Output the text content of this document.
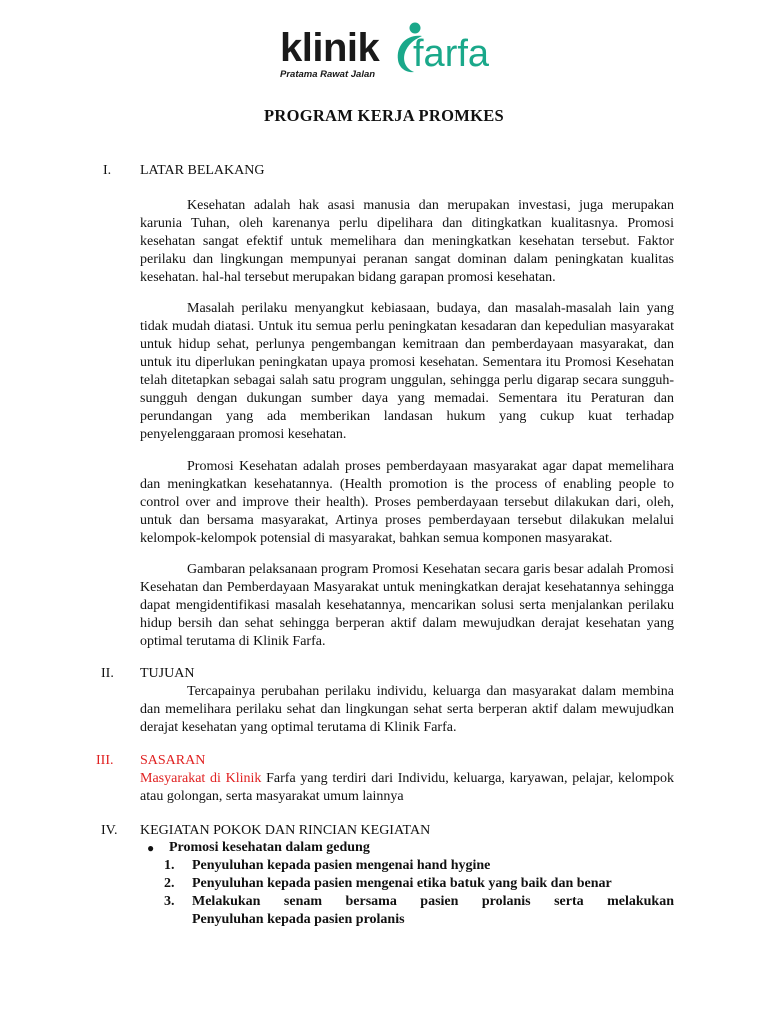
klinik farfa
Pratama Rawat Jalan
PROGRAM KERJA PROMKES
I.	LATAR BELAKANG

Kesehatan adalah hak asasi manusia dan merupakan investasi, juga merupakan karunia Tuhan, oleh karenanya perlu dipelihara dan ditingkatkan kualitasnya. Promosi kesehatan sangat efektif untuk memelihara dan meningkatkan kesehatan tersebut. Faktor perilaku dan lingkungan mempunyai peranan sangat dominan dalam peningkatan kualitas kesehatan. hal-hal tersebut merupakan bidang garapan promosi kesehatan.

Masalah perilaku menyangkut kebiasaan, budaya, dan masalah-masalah lain yang tidak mudah diatasi. Untuk itu semua perlu peningkatan kesadaran dan kepedulian masyarakat untuk hidup sehat, perlunya pengembangan kemitraan dan pemberdayaan masyarakat, dan untuk itu diperlukan peningkatan upaya promosi kesehatan. Sementara itu Promosi Kesehatan telah ditetapkan sebagai salah satu program unggulan, sehingga perlu digarap secara sungguh-sungguh dengan dukungan sumber daya yang memadai. Sementara itu Peraturan dan perundangan yang ada memberikan landasan hukum yang cukup kuat terhadap penyelenggaraan promosi kesehatan.

Promosi Kesehatan adalah proses pemberdayaan masyarakat agar dapat memelihara dan meningkatkan kesehatannya. (Health promotion is the process of enabling people to control over and improve their health). Proses pemberdayaan tersebut dilakukan dari, oleh, untuk dan bersama masyarakat, Artinya proses pemberdayaan tersebut dilakukan melalui kelompok-kelompok potensial di masyarakat, bahkan semua komponen masyarakat.

Gambaran pelaksanaan program Promosi Kesehatan secara garis besar adalah Promosi Kesehatan dan Pemberdayaan Masyarakat untuk meningkatkan derajat kesehatannya sehingga dapat mengidentifikasi masalah kesehatannya, mencarikan solusi serta menjalankan perilaku hidup bersih dan sehat sehingga berperan aktif dalam mewujudkan derajat kesehatan yang optimal terutama di Klinik Farfa.

II.	TUJUAN

Tercapainya perubahan perilaku individu, keluarga dan masyarakat dalam membina dan memelihara perilaku sehat dan lingkungan sehat serta berperan aktif dalam mewujudkan derajat kesehatan yang optimal terutama di Klinik Farfa.

III.	SASARAN

Masyarakat di Klinik Farfa yang terdiri dari Individu, keluarga, karyawan, pelajar, kelompok atau golongan, serta masyarakat umum lainnya

IV.	KEGIATAN POKOK DAN RINCIAN KEGIATAN
● Promosi kesehatan dalam gedung
1.	Penyuluhan kepada pasien mengenai hand hygine
2.	Penyuluhan kepada pasien mengenai etika batuk yang baik dan benar
3.	Melakukan senam bersama pasien prolanis serta melakukan
Penyuluhan kepada pasien prolanis
